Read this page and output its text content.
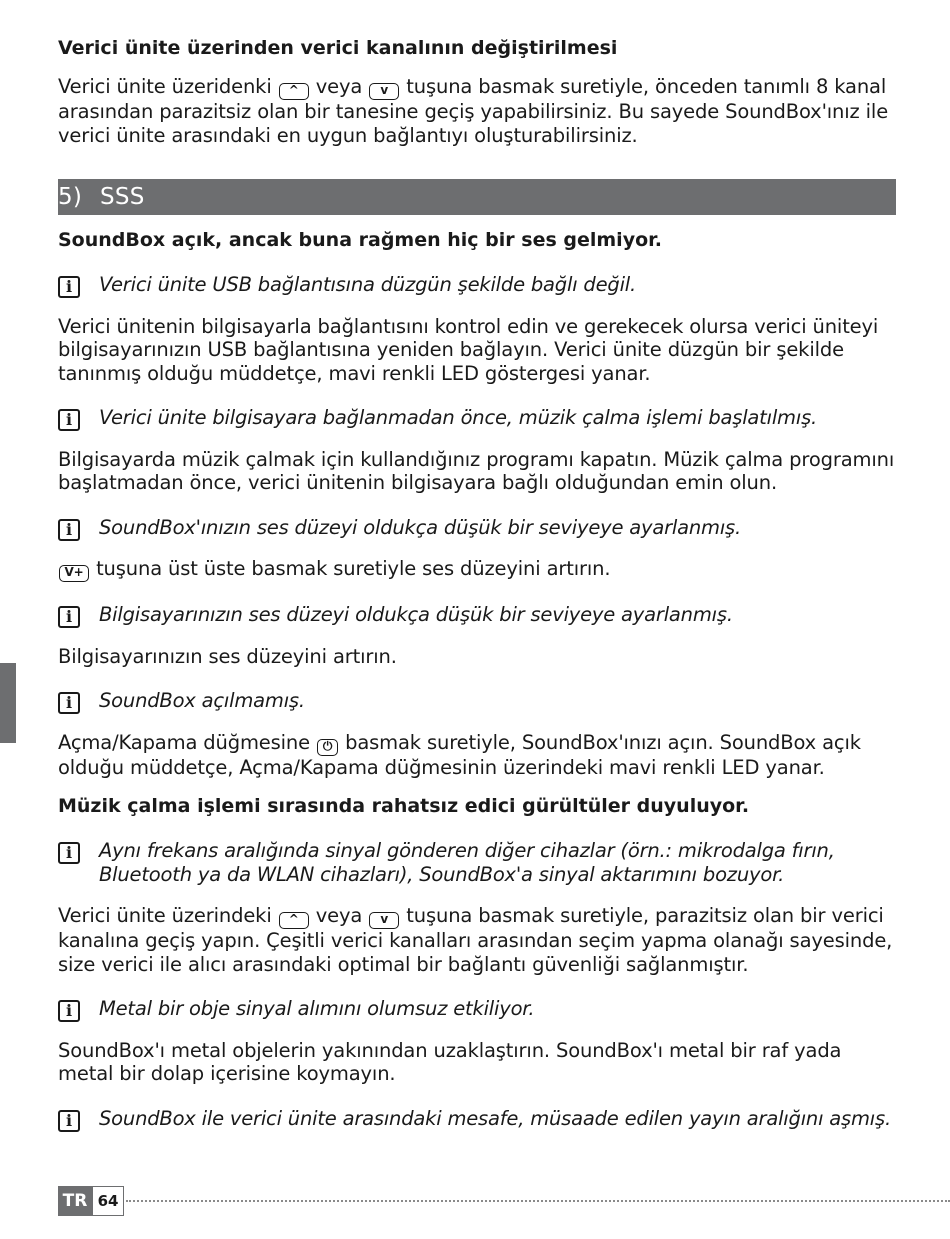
Verici ünite üzerinden verici kanalının değiştirilmesi

Verici ünite üzeridenki ^ veya v tuşuna basmak suretiyle, önceden tanımlı 8 kanal arasından parazitsiz olan bir tanesine geçiş yapabilirsiniz. Bu sayede SoundBox'ınız ile verici ünite arasındaki en uygun bağlantıyı oluşturabilirsiniz.

5) SSS
SoundBox açık, ancak buna rağmen hiç bir ses gelmiyor.
i	Verici ünite USB bağlantısına düzgün şekilde bağlı değil.

Verici ünitenin bilgisayarla bağlantısını kontrol edin ve gerekecek olursa verici üniteyi bilgisayarınızın USB bağlantısına yeniden bağlayın. Verici ünite düzgün bir şekilde tanınmış olduğu müddetçe, mavi renkli LED göstergesi yanar.

i	Verici ünite bilgisayara bağlanmadan önce, müzik çalma işlemi başlatılmış.

Bilgisayarda müzik çalmak için kullandığınız programı kapatın. Müzik çalma programını başlatmadan önce, verici ünitenin bilgisayara bağlı olduğundan emin olun.

i	SoundBox'ınızın ses düzeyi oldukça düşük bir seviyeye ayarlanmış.

V+ tuşuna üst üste basmak suretiyle ses düzeyini artırın.

i	Bilgisayarınızın ses düzeyi oldukça düşük bir seviyeye ayarlanmış.

Bilgisayarınızın ses düzeyini artırın.

i	SoundBox açılmamış.

Açma/Kapama düğmesine ⏻ basmak suretiyle, SoundBox'ınızı açın. SoundBox açık olduğu müddetçe, Açma/Kapama düğmesinin üzerindeki mavi renkli LED yanar.

Müzik çalma işlemi sırasında rahatsız edici gürültüler duyuluyor.
i	Aynı frekans aralığında sinyal gönderen diğer cihazlar (örn.: mikrodalga fırın, Bluetooth ya da WLAN cihazları), SoundBox'a sinyal aktarımını bozuyor.

Verici ünite üzerindeki ^ veya v tuşuna basmak suretiyle, parazitsiz olan bir verici kanalına geçiş yapın. Çeşitli verici kanalları arasından seçim yapma olanağı sayesinde, size verici ile alıcı arasındaki optimal bir bağlantı güvenliği sağlanmıştır.

i	Metal bir obje sinyal alımını olumsuz etkiliyor.

SoundBox'ı metal objelerin yakınından uzaklaştırın. SoundBox'ı metal bir raf yada metal bir dolap içerisine koymayın.

i	SoundBox ile verici ünite arasındaki mesafe, müsaade edilen yayın aralığını aşmış.
TR 64
